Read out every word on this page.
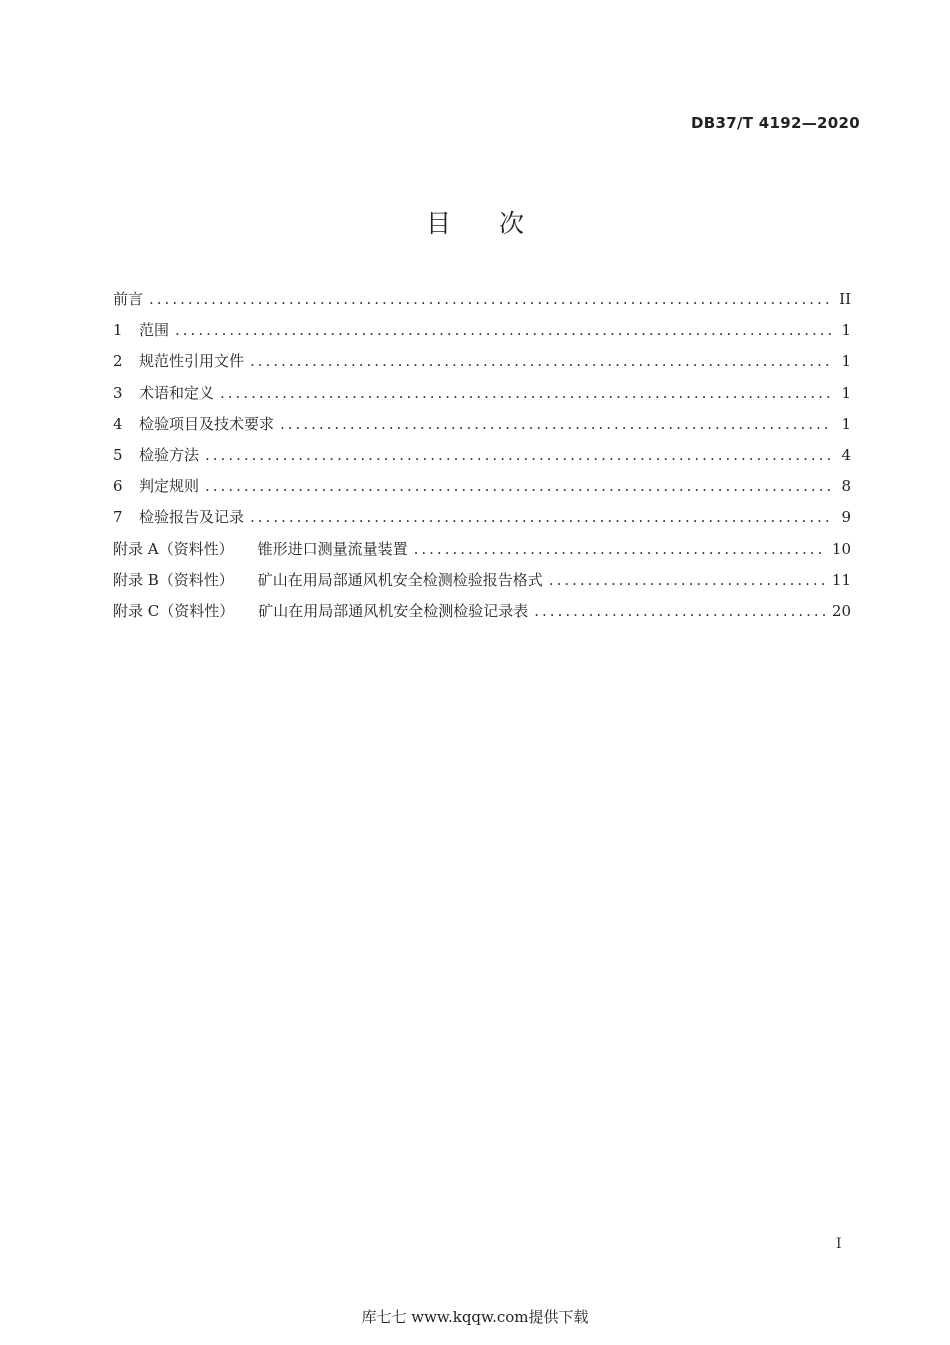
DB37/T 4192—2020
目次
前言 .....	II
1	范围 .....	1
2	规范性引用文件 .....	1
3	术语和定义 .....	1
4	检验项目及技术要求 .....	1
5	检验方法 .....	4
6	判定规则 .....	8
7	检验报告及记录 .....	9
附录 A（资料性） 锥形进口测量流量装置 .....	10
附录 B（资料性） 矿山在用局部通风机安全检测检验报告格式 .....	11
附录 C（资料性） 矿山在用局部通风机安全检测检验记录表 .....	20
I
库七七 www.kqqw.com提供下载
